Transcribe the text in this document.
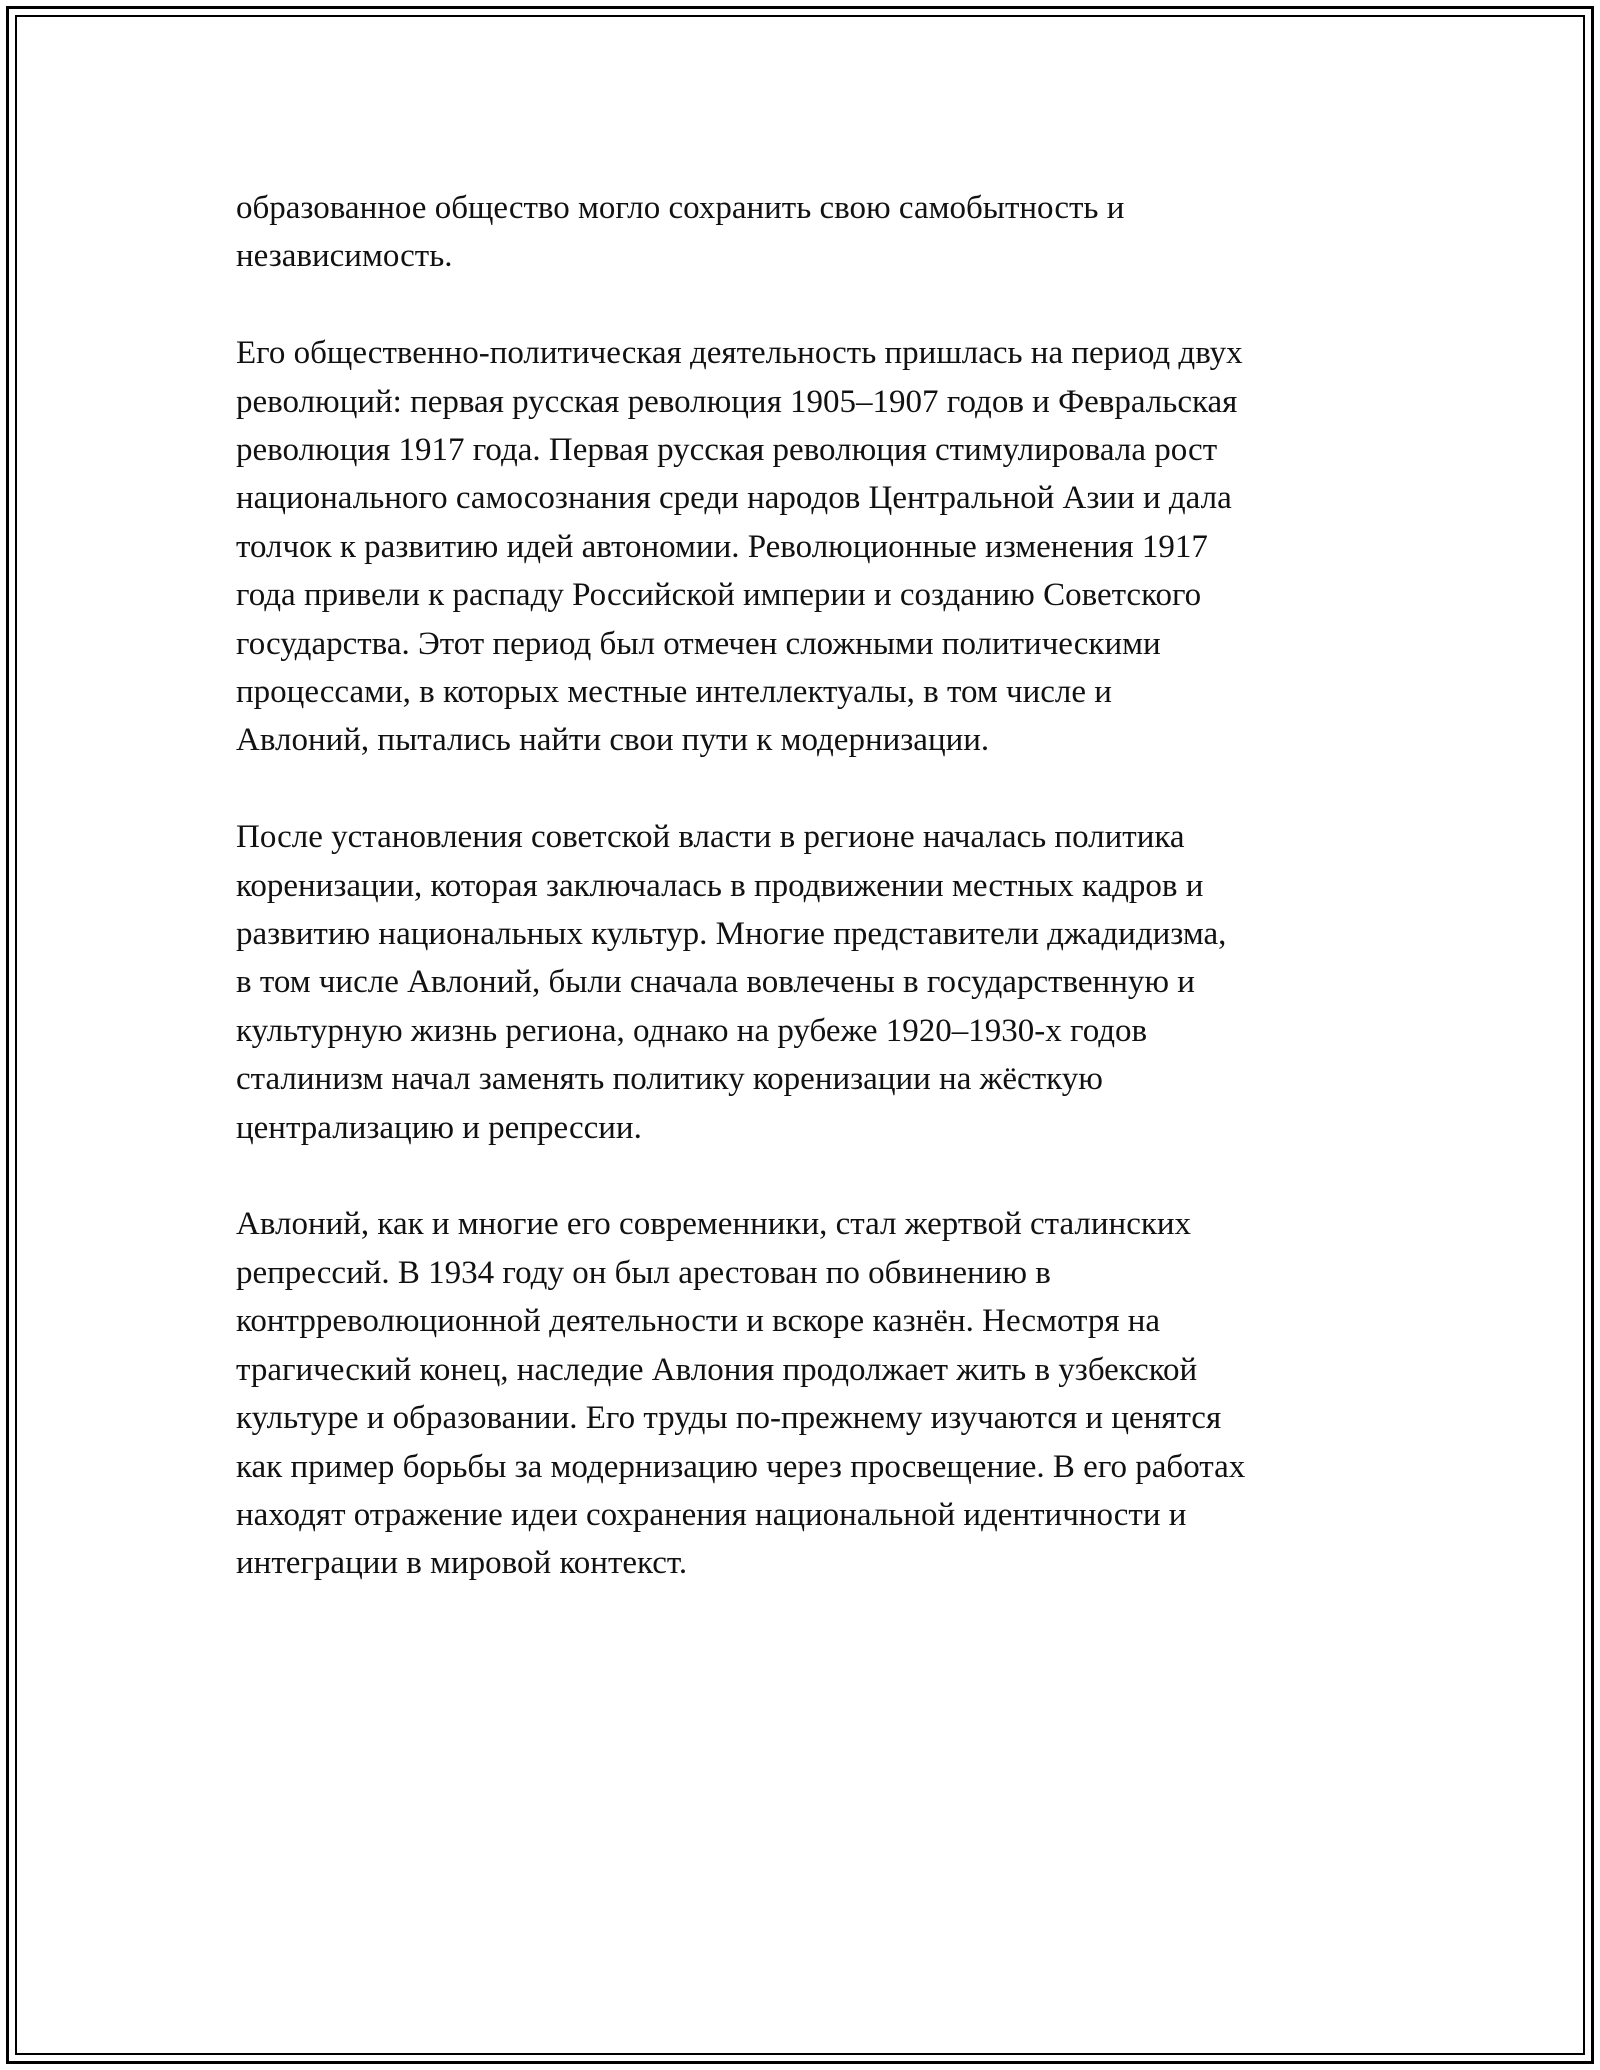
образованное общество могло сохранить свою самобытность и
независимость.

Его общественно-политическая деятельность пришлась на период двух
революций: первая русская революция 1905–1907 годов и Февральская
революция 1917 года. Первая русская революция стимулировала рост
национального самосознания среди народов Центральной Азии и дала
толчок к развитию идей автономии. Революционные изменения 1917
года привели к распаду Российской империи и созданию Советского
государства. Этот период был отмечен сложными политическими
процессами, в которых местные интеллектуалы, в том числе и
Авлоний, пытались найти свои пути к модернизации.

После установления советской власти в регионе началась политика
коренизации, которая заключалась в продвижении местных кадров и
развитию национальных культур. Многие представители джадидизма,
в том числе Авлоний, были сначала вовлечены в государственную и
культурную жизнь региона, однако на рубеже 1920–1930-х годов
сталинизм начал заменять политику коренизации на жёсткую
централизацию и репрессии.

Авлоний, как и многие его современники, стал жертвой сталинских
репрессий. В 1934 году он был арестован по обвинению в
контрреволюционной деятельности и вскоре казнён. Несмотря на
трагический конец, наследие Авлония продолжает жить в узбекской
культуре и образовании. Его труды по-прежнему изучаются и ценятся
как пример борьбы за модернизацию через просвещение. В его работах
находят отражение идеи сохранения национальной идентичности и
интеграции в мировой контекст.
